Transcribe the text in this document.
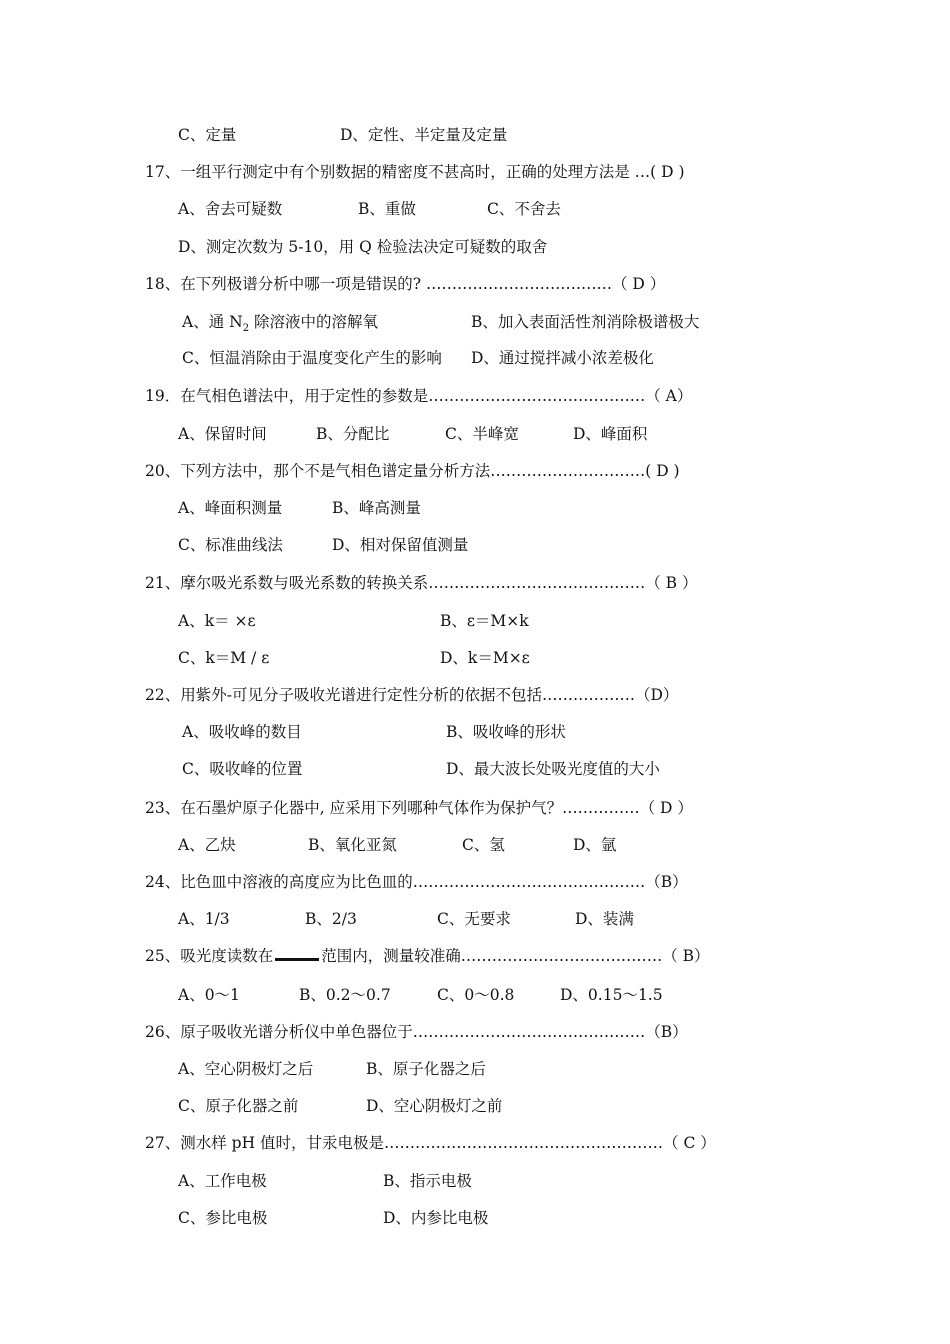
C、定量	D、定性、半定量及定量
17、一组平行测定中有个别数据的精密度不甚高时，正确的处理方法是 …( D )
A、舍去可疑数	B、重做	C、不舍去
D、测定次数为 5-10，用 Q 检验法决定可疑数的取舍
18、在下列极谱分析中哪一项是错误的? ………………………………（ D ）
A、通 $N_2$ 除溶液中的溶解氧	B、加入表面活性剂消除极谱极大
C、恒温消除由于温度变化产生的影响 D、通过搅拌减小浓差极化
19．在气相色谱法中，用于定性的参数是……………………………………（ A）
A、保留时间	B、分配比	C、半峰宽	D、峰面积
20、下列方法中，那个不是气相色谱定量分析方法…………………………( D )
A、峰面积测量	B、峰高测量
C、标准曲线法	D、相对保留值测量
21、摩尔吸光系数与吸光系数的转换关系……………………………………（ B ）
A、k＝ ×ε	B、ε＝M×k
C、k＝M / ε	D、k＝M×ε
22、用紫外-可见分子吸收光谱进行定性分析的依据不包括………………（D）
A、吸收峰的数目	B、吸收峰的形状
C、吸收峰的位置	D、最大波长处吸光度值的大小
23、在石墨炉原子化器中, 应采用下列哪种气体作为保护气？……………（ D ）
A、乙炔	B、氧化亚氮	C、氢	D、氩
24、比色皿中溶液的高度应为比色皿的………………………………………（B）
A、1/3	B、2/3	C、无要求	D、装满
25、吸光度读数在	范围内，测量较准确…………………………………（ B）
A、0～1	B、0.2～0.7	C、0～0.8	D、0.15～1.5
26、原子吸收光谱分析仪中单色器位于………………………………………（B）
A、空心阴极灯之后	B、原子化器之后
C、原子化器之前	D、空心阴极灯之前
27、测水样 pH 值时，甘汞电极是………………………………………………（ C ）
A、工作电极	B、指示电极
C、参比电极	D、内参比电极
